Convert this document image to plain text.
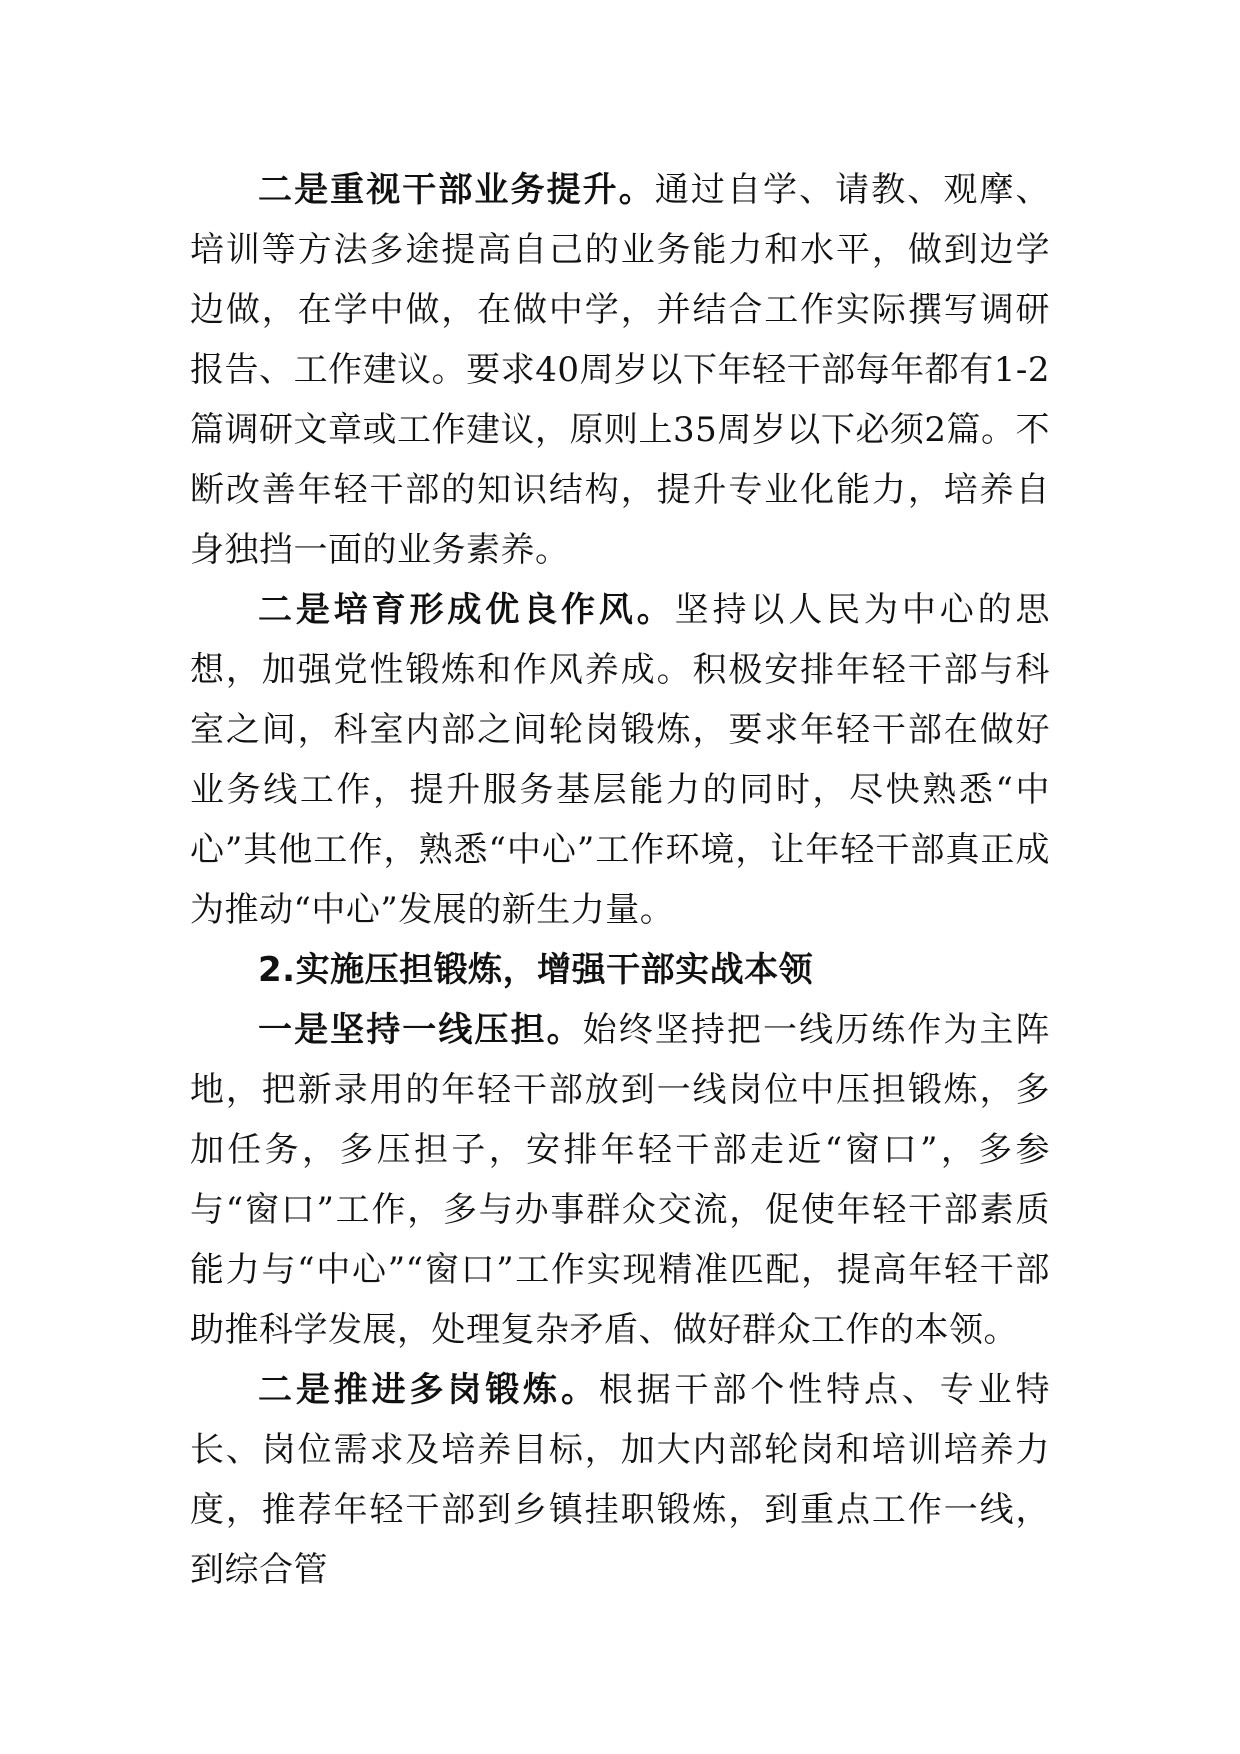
二是重视干部业务提升。通过自学、请教、观摩、培训等方法多途提高自己的业务能力和水平，做到边学边做，在学中做，在做中学，并结合工作实际撰写调研报告、工作建议。要求40周岁以下年轻干部每年都有1-2篇调研文章或工作建议，原则上35周岁以下必须2篇。不断改善年轻干部的知识结构，提升专业化能力，培养自身独挡一面的业务素养。

二是培育形成优良作风。坚持以人民为中心的思想，加强党性锻炼和作风养成。积极安排年轻干部与科室之间，科室内部之间轮岗锻炼，要求年轻干部在做好业务线工作，提升服务基层能力的同时，尽快熟悉“中心”其他工作，熟悉“中心”工作环境，让年轻干部真正成为推动“中心”发展的新生力量。

2.实施压担锻炼，增强干部实战本领

一是坚持一线压担。始终坚持把一线历练作为主阵地，把新录用的年轻干部放到一线岗位中压担锻炼，多加任务，多压担子，安排年轻干部走近“窗口”，多参与“窗口”工作，多与办事群众交流，促使年轻干部素质能力与“中心”“窗口”工作实现精准匹配，提高年轻干部助推科学发展，处理复杂矛盾、做好群众工作的本领。

二是推进多岗锻炼。根据干部个性特点、专业特长、岗位需求及培养目标，加大内部轮岗和培训培养力度，推荐年轻干部到乡镇挂职锻炼，到重点工作一线，到综合管
